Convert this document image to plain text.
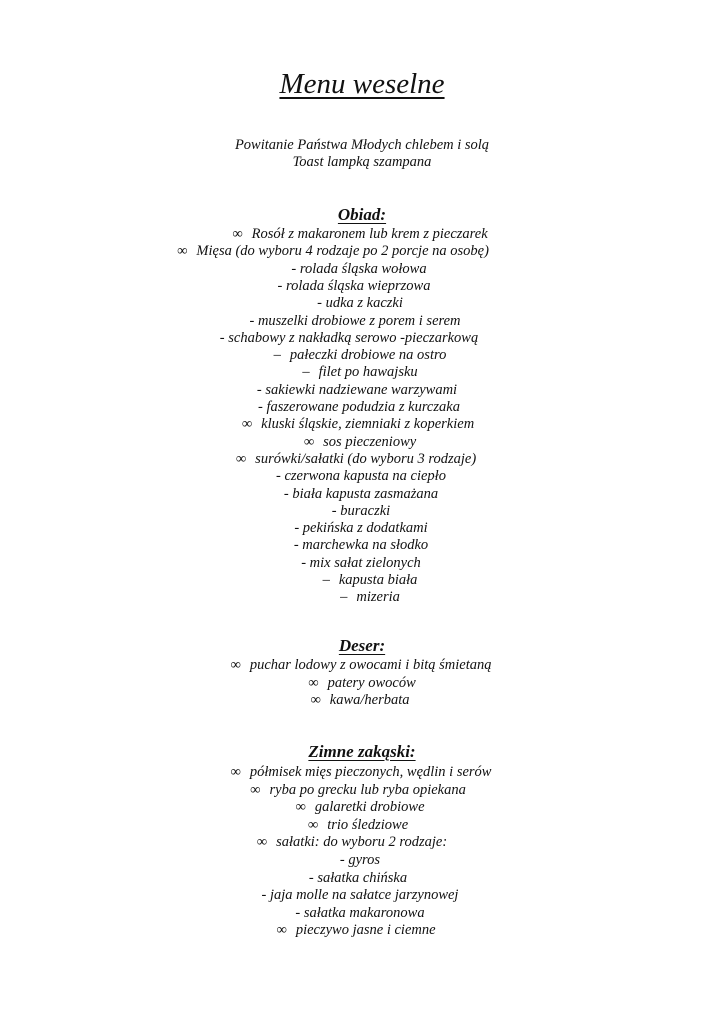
Menu weselne
Powitanie Państwa Młodych chlebem i solą
Toast lampką szampana
Obiad:
∞ Rosół z makaronem lub krem z pieczarek
∞ Mięsa (do wyboru 4 rodzaje po 2 porcje na osobę)
- rolada śląska wołowa
- rolada śląska wieprzowa
- udka z kaczki
- muszelki drobiowe z porem i serem
- schabowy z nakładką serowo -pieczarkową
– pałeczki drobiowe na ostro
– filet po hawajsku
- sakiewki nadziewane warzywami
- faszerowane podudzia z kurczaka
∞ kluski śląskie, ziemniaki z koperkiem
∞ sos pieczeniowy
∞ surówki/sałatki (do wyboru 3 rodzaje)
- czerwona kapusta na ciepło
- biała kapusta zasmażana
- buraczki
- pekińska z dodatkami
- marchewka na słodko
- mix sałat zielonych
– kapusta biała
– mizeria
Deser:
∞ puchar lodowy z owocami i bitą śmietaną
∞ patery owoców
∞ kawa/herbata
Zimne zakąski:
∞ półmisek mięs pieczonych, wędlin i serów
∞ ryba po grecku lub ryba opiekana
∞ galaretki drobiowe
∞ trio śledziowe
∞ sałatki: do wyboru 2 rodzaje:
- gyros
- sałatka chińska
- jaja molle na sałatce jarzynowej
- sałatka makaronowa
∞ pieczywo jasne i ciemne
